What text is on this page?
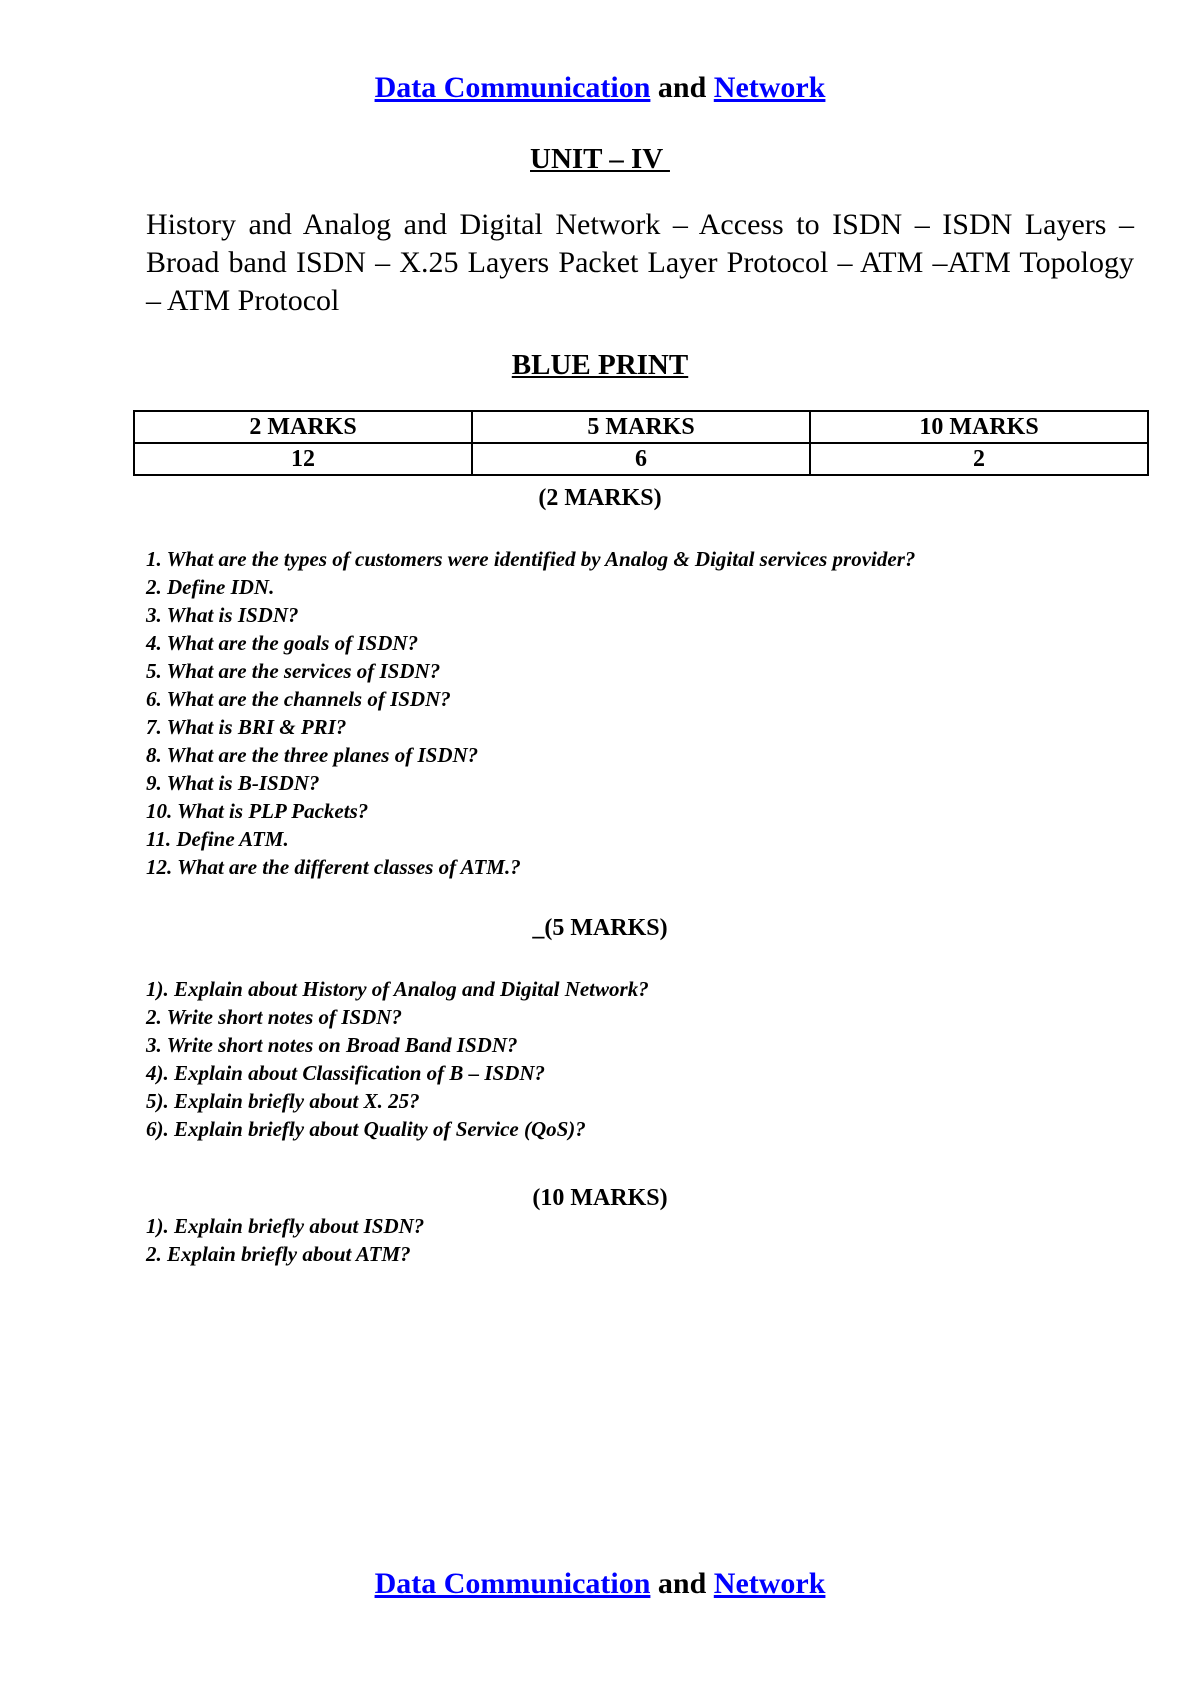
Data Communication and Network
UNIT – IV
History and Analog and Digital Network – Access to ISDN – ISDN Layers – Broad band ISDN – X.25 Layers Packet Layer Protocol – ATM –ATM Topology – ATM Protocol
BLUE PRINT
2 MARKS	5 MARKS	10 MARKS
12	6	2
(2 MARKS)
1. What are the types of customers were identified by Analog & Digital services provider?
2. Define IDN.
3. What is ISDN?
4. What are the goals of ISDN?
5. What are the services of ISDN?
6. What are the channels of ISDN?
7. What is BRI & PRI?
8. What are the three planes of ISDN?
9. What is B-ISDN?
10. What is PLP Packets?
11. Define ATM.
12. What are the different classes of ATM.?
_(5 MARKS)
1). Explain about History of Analog and Digital Network?
2. Write short notes of ISDN?
3. Write short notes on Broad Band ISDN?
4). Explain about Classification of B – ISDN?
5). Explain briefly about X. 25?
6). Explain briefly about Quality of Service (QoS)?
(10 MARKS)
1). Explain briefly about ISDN?
2. Explain briefly about ATM?
Data Communication and Network
